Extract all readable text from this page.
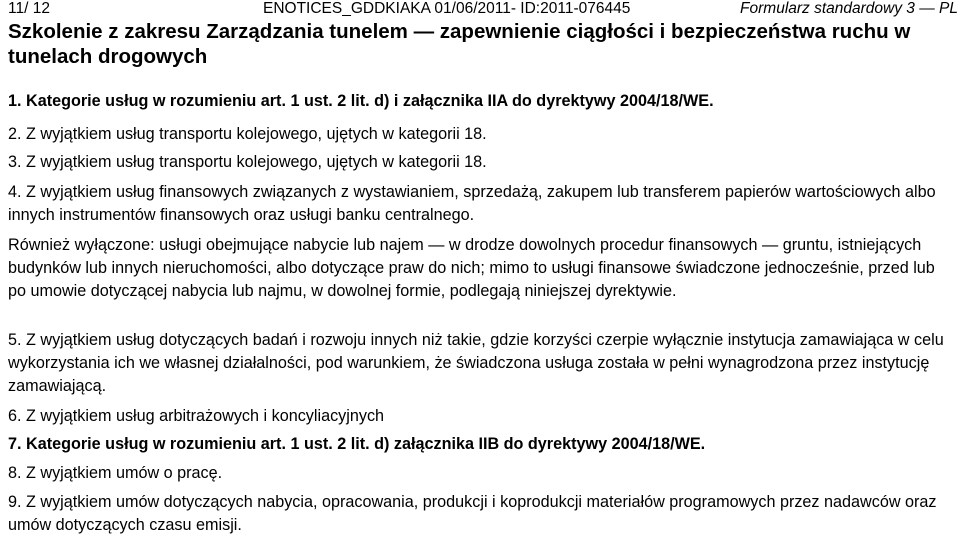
11/ 12	ENOTICES_GDDKIAKA 01/06/2011- ID:2011-076445	Formularz standardowy 3 — PL
Szkolenie z zakresu Zarządzania tunelem — zapewnienie ciągłości i bezpieczeństwa ruchu w tunelach drogowych

1. Kategorie usług w rozumieniu art. 1 ust. 2 lit. d) i załącznika IIA do dyrektywy 2004/18/WE.

2. Z wyjątkiem usług transportu kolejowego, ujętych w kategorii 18.

3. Z wyjątkiem usług transportu kolejowego, ujętych w kategorii 18.

4. Z wyjątkiem usług finansowych związanych z wystawianiem, sprzedażą, zakupem lub transferem papierów wartościowych albo innych instrumentów finansowych oraz usługi banku centralnego.

Również wyłączone: usługi obejmujące nabycie lub najem — w drodze dowolnych procedur finansowych — gruntu, istniejących budynków lub innych nieruchomości, albo dotyczące praw do nich; mimo to usługi finansowe świadczone jednocześnie, przed lub po umowie dotyczącej nabycia lub najmu, w dowolnej formie, podlegają niniejszej dyrektywie.

5. Z wyjątkiem usług dotyczących badań i rozwoju innych niż takie, gdzie korzyści czerpie wyłącznie instytucja zamawiająca w celu wykorzystania ich we własnej działalności, pod warunkiem, że świadczona usługa została w pełni wynagrodzona przez instytucję zamawiającą.

6. Z wyjątkiem usług arbitrażowych i koncyliacyjnych

7. Kategorie usług w rozumieniu art. 1 ust. 2 lit. d) załącznika IIB do dyrektywy 2004/18/WE.

8. Z wyjątkiem umów o pracę.

9. Z wyjątkiem umów dotyczących nabycia, opracowania, produkcji i koprodukcji materiałów programowych przez nadawców oraz umów dotyczących czasu emisji.
